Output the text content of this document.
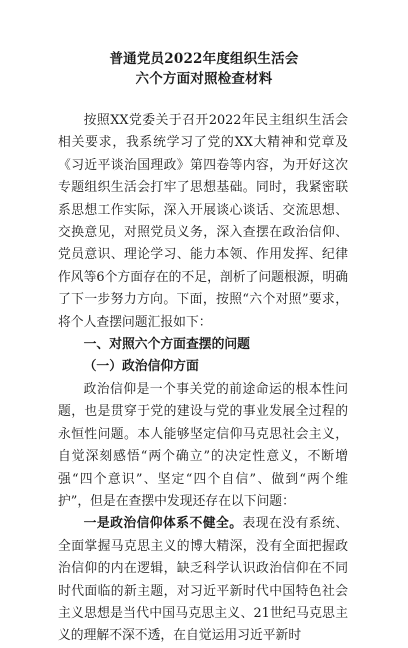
普通党员2022年度组织生活会
六个方面对照检查材料

按照XX党委关于召开2022年民主组织生活会相关要求，我系统学习了党的XX大精神和党章及《习近平谈治国理政》第四卷等内容，为开好这次专题组织生活会打牢了思想基础。同时，我紧密联系思想工作实际，深入开展谈心谈话、交流思想、交换意见，对照党员义务，深入查摆在政治信仰、党员意识、理论学习、能力本领、作用发挥、纪律作风等6个方面存在的不足，剖析了问题根源，明确了下一步努力方向。下面，按照“六个对照”要求，将个人查摆问题汇报如下：

一、对照六个方面查摆的问题

（一）政治信仰方面

政治信仰是一个事关党的前途命运的根本性问题，也是贯穿于党的建设与党的事业发展全过程的永恒性问题。本人能够坚定信仰马克思社会主义，自觉深刻感悟“两个确立”的决定性意义，不断增强“四个意识”、坚定“四个自信”、做到“两个维护”，但是在查摆中发现还存在以下问题：

一是政治信仰体系不健全。表现在没有系统、全面掌握马克思主义的博大精深，没有全面把握政治信仰的内在逻辑，缺乏科学认识政治信仰在不同时代面临的新主题，对习近平新时代中国特色社会主义思想是当代中国马克思主义、21世纪马克思主义的理解不深不透，在自觉运用习近平新时
